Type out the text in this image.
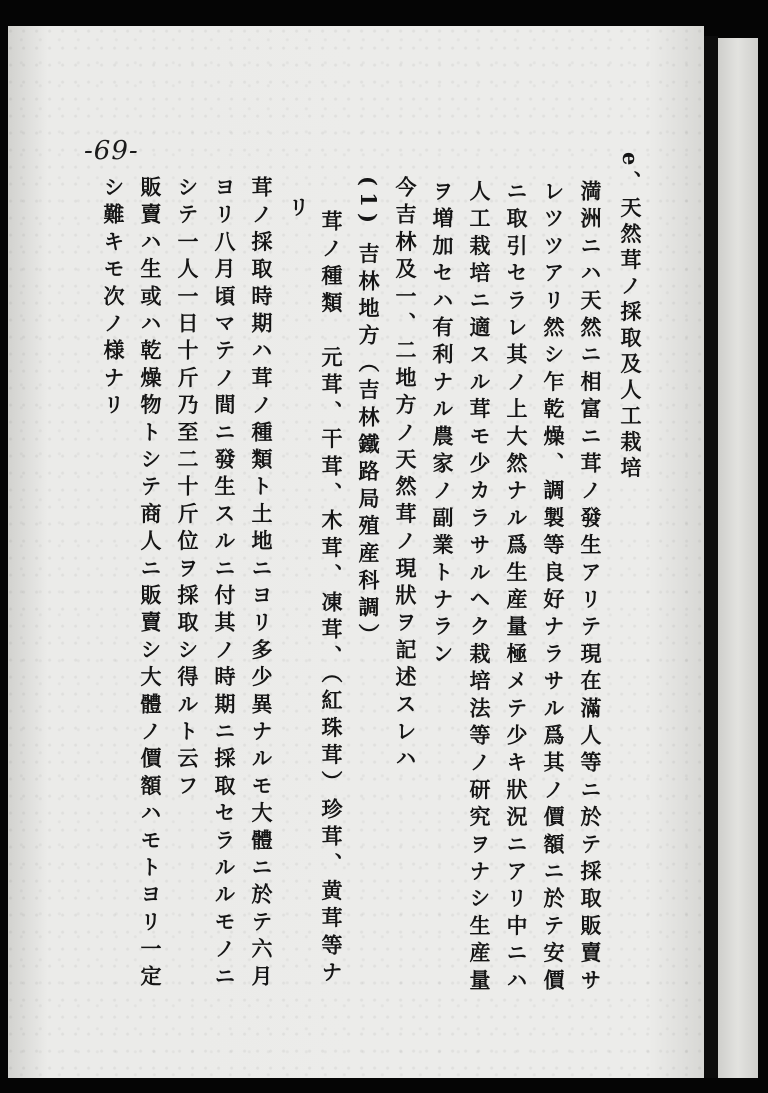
-69-
e、天然茸ノ採取及人工栽培
満洲ニハ天然ニ相富ニ茸ノ發生アリテ現在滿人等ニ於テ採取販賣サ
レツツアリ然シ乍乾燥、調製等良好ナラサル爲其ノ價額ニ於テ安價
ニ取引セラレ其ノ上大然ナル爲生産量極メテ少キ狀況ニアリ中ニハ
人工栽培ニ適スル茸モ少カラサルヘク栽培法等ノ研究ヲナシ生産量
ヲ増加セハ有利ナル農家ノ副業トナラン
今吉林及一、二地方ノ天然茸ノ現狀ヲ記述スレハ
(1) 吉林地方（吉林鐵路局殖産科調）
茸ノ種類　元茸、干茸、木茸、凍茸、（紅珠茸）珍茸、黄茸等ナ
リ
茸ノ採取時期ハ茸ノ種類ト土地ニヨリ多少異ナルモ大體ニ於テ六月
ヨリ八月頃マテノ間ニ發生スルニ付其ノ時期ニ採取セラルルモノニ
シテ一人一日十斤乃至二十斤位ヲ採取シ得ルト云フ
販賣ハ生或ハ乾燥物トシテ商人ニ販賣シ大體ノ價額ハモトヨリ一定
シ難キモ次ノ様ナリ
